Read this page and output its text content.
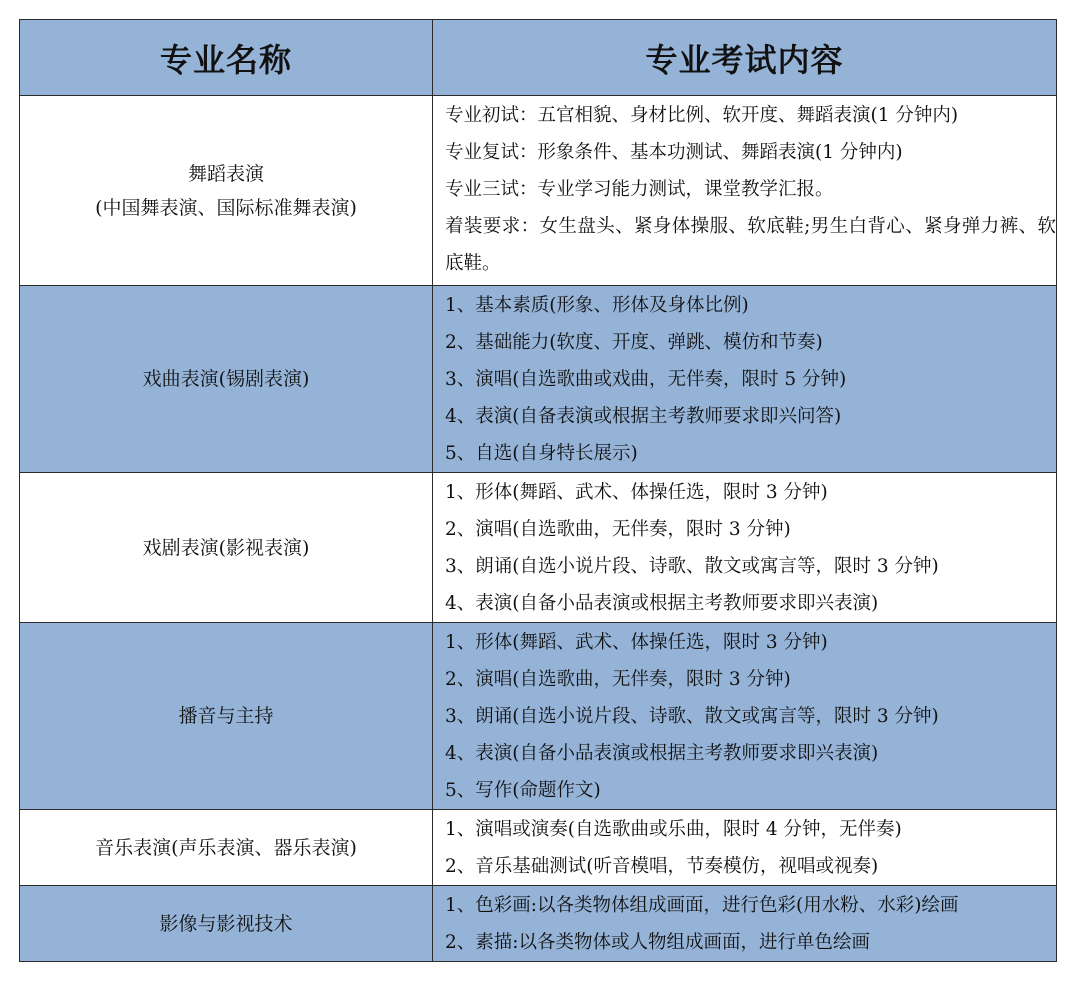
专业名称	专业考试内容

舞蹈表演
(中国舞表演、国际标准舞表演)	专业初试：五官相貌、身材比例、软开度、舞蹈表演(1 分钟内)
专业复试：形象条件、基本功测试、舞蹈表演(1 分钟内)
专业三试：专业学习能力测试，课堂教学汇报。
着装要求：女生盘头、紧身体操服、软底鞋;男生白背心、紧身弹力裤、软底鞋。

戏曲表演(锡剧表演)	1、基本素质(形象、形体及身体比例)
2、基础能力(软度、开度、弹跳、模仿和节奏)
3、演唱(自选歌曲或戏曲，无伴奏，限时 5 分钟)
4、表演(自备表演或根据主考教师要求即兴问答)
5、自选(自身特长展示)

戏剧表演(影视表演)	1、形体(舞蹈、武术、体操任选，限时 3 分钟)
2、演唱(自选歌曲，无伴奏，限时 3 分钟)
3、朗诵(自选小说片段、诗歌、散文或寓言等，限时 3 分钟)
4、表演(自备小品表演或根据主考教师要求即兴表演)

播音与主持	1、形体(舞蹈、武术、体操任选，限时 3 分钟)
2、演唱(自选歌曲，无伴奏，限时 3 分钟)
3、朗诵(自选小说片段、诗歌、散文或寓言等，限时 3 分钟)
4、表演(自备小品表演或根据主考教师要求即兴表演)
5、写作(命题作文)

音乐表演(声乐表演、器乐表演)	1、演唱或演奏(自选歌曲或乐曲，限时 4 分钟，无伴奏)
2、音乐基础测试(听音模唱，节奏模仿，视唱或视奏)

影像与影视技术	1、色彩画:以各类物体组成画面，进行色彩(用水粉、水彩)绘画
2、素描:以各类物体或人物组成画面，进行单色绘画
